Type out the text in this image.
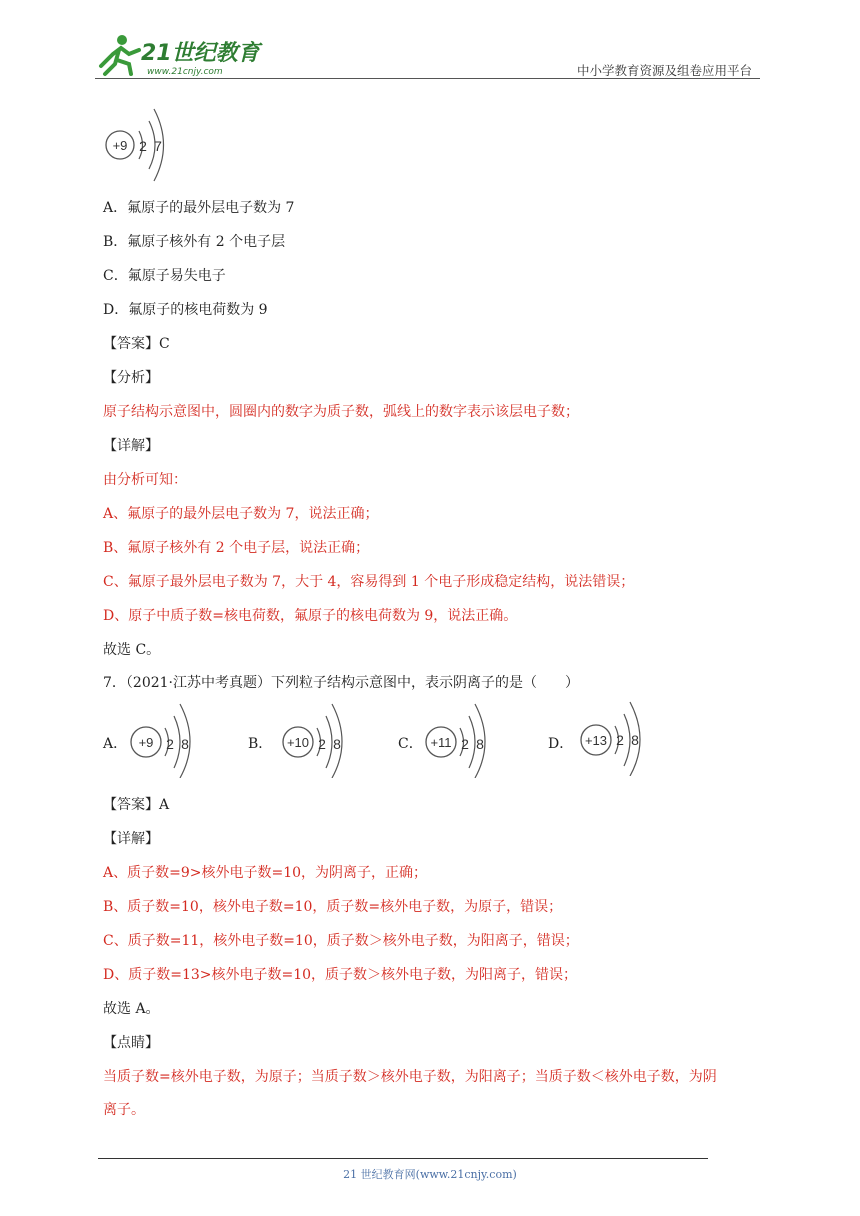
21世纪教育
www.21cnjy.com	中小学教育资源及组卷应用平台
+9 2 7
A．氟原子的最外层电子数为 7
B．氟原子核外有 2 个电子层
C．氟原子易失电子
D．氟原子的核电荷数为 9
【答案】C
【分析】
原子结构示意图中，圆圈内的数字为质子数，弧线上的数字表示该层电子数；
【详解】
由分析可知：
A、氟原子的最外层电子数为 7，说法正确；
B、氟原子核外有 2 个电子层，说法正确；
C、氟原子最外层电子数为 7，大于 4，容易得到 1 个电子形成稳定结构，说法错误；
D、原子中质子数=核电荷数，氟原子的核电荷数为 9，说法正确。
故选 C。
7．（2021·江苏中考真题）下列粒子结构示意图中，表示阴离子的是（　　）
A． +9 2 8	B． +10 2 8	C． +11 2 8	D． +13 2 8
【答案】A
【详解】
A、质子数=9>核外电子数=10，为阴离子，正确；
B、质子数=10，核外电子数=10，质子数=核外电子数，为原子，错误；
C、质子数=11，核外电子数=10，质子数＞核外电子数，为阳离子，错误；
D、质子数=13>核外电子数=10，质子数＞核外电子数，为阳离子，错误；
故选 A。
【点睛】
当质子数=核外电子数，为原子；当质子数＞核外电子数，为阳离子；当质子数＜核外电子数，为阴
离子。
21 世纪教育网(www.21cnjy.com)
